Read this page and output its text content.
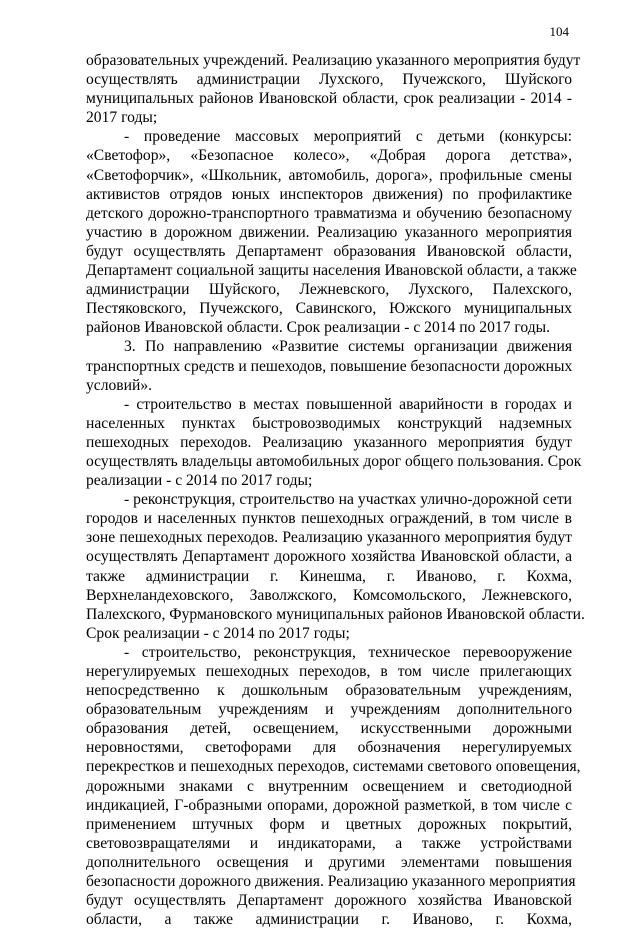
104
образовательных учреждений. Реализацию указанного мероприятия будут
осуществлять администрации Лухского, Пучежского, Шуйского
муниципальных районов Ивановской области, срок реализации - 2014 -
2017 годы;
- проведение массовых мероприятий с детьми (конкурсы:
«Светофор», «Безопасное колесо», «Добрая дорога детства»,
«Светофорчик», «Школьник, автомобиль, дорога», профильные смены
активистов отрядов юных инспекторов движения) по профилактике
детского дорожно-транспортного травматизма и обучению безопасному
участию в дорожном движении. Реализацию указанного мероприятия
будут осуществлять Департамент образования Ивановской области,
Департамент социальной защиты населения Ивановской области, а также
администрации Шуйского, Лежневского, Лухского, Палехского,
Пестяковского, Пучежского, Савинского, Южского муниципальных
районов Ивановской области. Срок реализации - с 2014 по 2017 годы.
3. По направлению «Развитие системы организации движения
транспортных средств и пешеходов, повышение безопасности дорожных
условий».
- строительство в местах повышенной аварийности в городах и
населенных пунктах быстровозводимых конструкций надземных
пешеходных переходов. Реализацию указанного мероприятия будут
осуществлять владельцы автомобильных дорог общего пользования. Срок
реализации - с 2014 по 2017 годы;
- реконструкция, строительство на участках улично-дорожной сети
городов и населенных пунктов пешеходных ограждений, в том числе в
зоне пешеходных переходов. Реализацию указанного мероприятия будут
осуществлять Департамент дорожного хозяйства Ивановской области, а
также администрации г. Кинешма, г. Иваново, г. Кохма,
Верхнеландеховского, Заволжского, Комсомольского, Лежневского,
Палехского, Фурмановского муниципальных районов Ивановской области.
Срок реализации - с 2014 по 2017 годы;
- строительство, реконструкция, техническое перевооружение
нерегулируемых пешеходных переходов, в том числе прилегающих
непосредственно к дошкольным образовательным учреждениям,
образовательным учреждениям и учреждениям дополнительного
образования детей, освещением, искусственными дорожными
неровностями, светофорами для обозначения нерегулируемых
перекрестков и пешеходных переходов, системами светового оповещения,
дорожными знаками с внутренним освещением и светодиодной
индикацией, Г-образными опорами, дорожной разметкой, в том числе с
применением штучных форм и цветных дорожных покрытий,
световозвращателями и индикаторами, а также устройствами
дополнительного освещения и другими элементами повышения
безопасности дорожного движения. Реализацию указанного мероприятия
будут осуществлять Департамент дорожного хозяйства Ивановской
области, а также администрации г. Иваново, г. Кохма,
